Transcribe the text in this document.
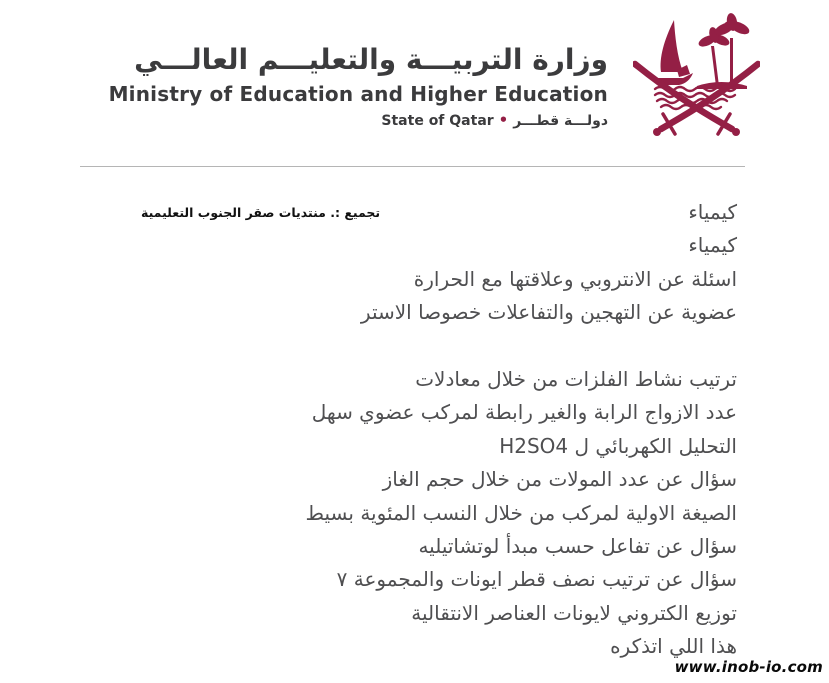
وزارة التربيـــة والتعليـــم العالـــي
Ministry of Education and Higher Education
State of Qatar • دولـــة قطـــر
تجميع :. منتديات صقر الجنوب التعليمية	كيمياء
كيمياء
اسئلة عن الانتروبي وعلاقتها مع الحرارة
عضوية عن التهجين والتفاعلات خصوصا الاستر
ترتيب نشاط الفلزات من خلال معادلات
عدد الازواج الرابة والغير رابطة لمركب عضوي سهل
التحليل الكهربائي ل H2SO4
سؤال عن عدد المولات من خلال حجم الغاز
الصيغة الاولية لمركب من خلال النسب المئوية بسيط
سؤال عن تفاعل حسب مبدأ لوتشاتيليه
سؤال عن ترتيب نصف قطر ايونات والمجموعة ٧
توزيع الكتروني لايونات العناصر الانتقالية
هذا اللي اتذكره
www.inob-io.com
